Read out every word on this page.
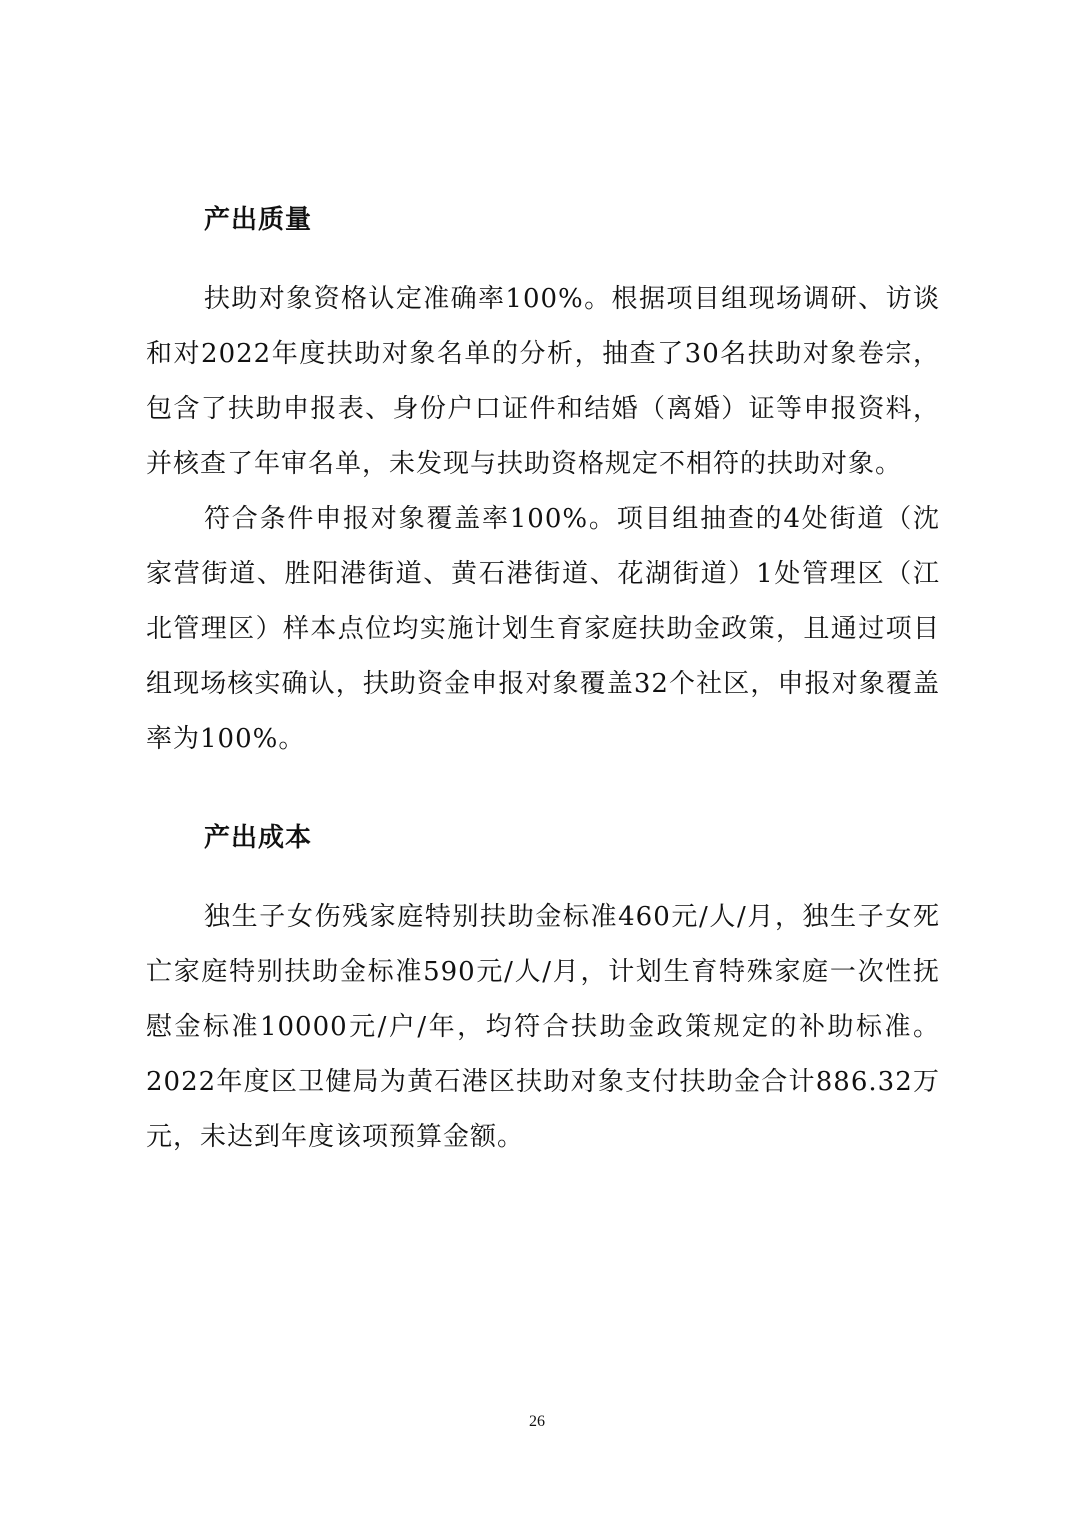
产出质量

扶助对象资格认定准确率100%。根据项目组现场调研、访谈和对2022年度扶助对象名单的分析，抽查了30名扶助对象卷宗，包含了扶助申报表、身份户口证件和结婚（离婚）证等申报资料，并核查了年审名单，未发现与扶助资格规定不相符的扶助对象。

符合条件申报对象覆盖率100%。项目组抽查的4处街道（沈家营街道、胜阳港街道、黄石港街道、花湖街道）1处管理区（江北管理区）样本点位均实施计划生育家庭扶助金政策，且通过项目组现场核实确认，扶助资金申报对象覆盖32个社区，申报对象覆盖率为100%。

产出成本

独生子女伤残家庭特别扶助金标准460元/人/月，独生子女死亡家庭特别扶助金标准590元/人/月，计划生育特殊家庭一次性抚慰金标准10000元/户/年，均符合扶助金政策规定的补助标准。2022年度区卫健局为黄石港区扶助对象支付扶助金合计886.32万元，未达到年度该项预算金额。

26
